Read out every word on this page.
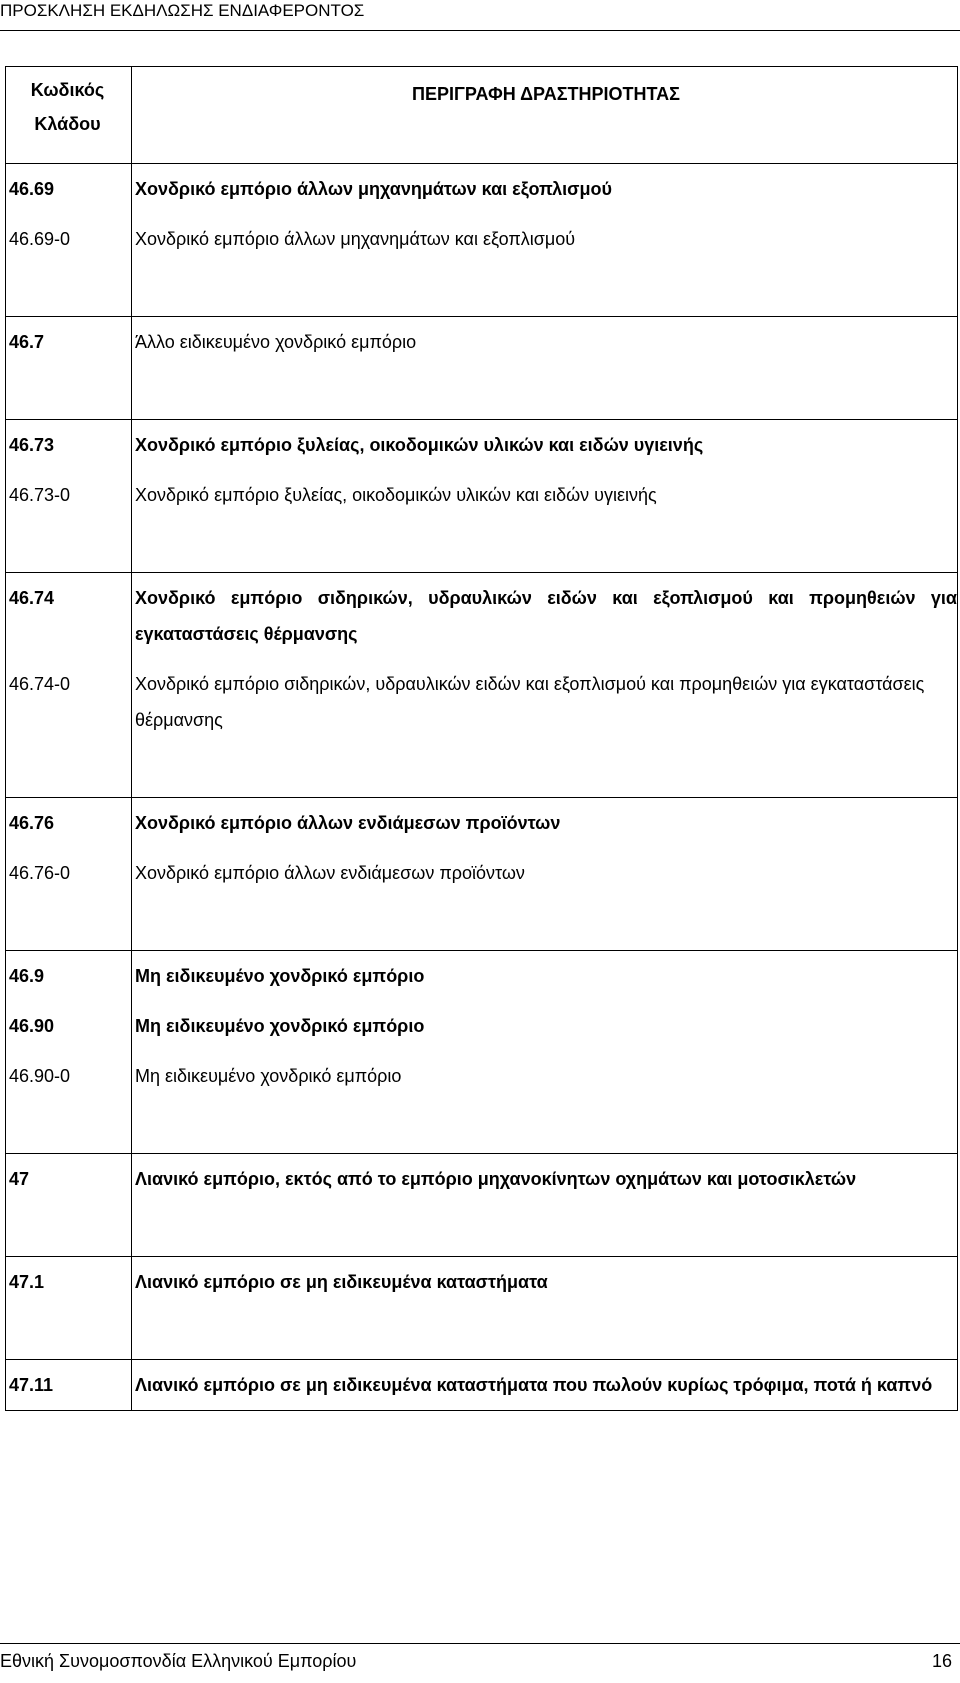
ΠΡΟΣΚΛΗΣΗ ΕΚΔΗΛΩΣΗΣ ΕΝΔΙΑΦΕΡΟΝΤΟΣ
Κωδικός
Κλάδου	ΠΕΡΙΓΡΑΦΗ ΔΡΑΣΤΗΡΙΟΤΗΤΑΣ
46.69	Χονδρικό εμπόριο άλλων μηχανημάτων και εξοπλισμού
46.69-0	Χονδρικό εμπόριο άλλων μηχανημάτων και εξοπλισμού

46.7	Άλλο ειδικευμένο χονδρικό εμπόριο

46.73	Χονδρικό εμπόριο ξυλείας, οικοδομικών υλικών και ειδών υγιεινής
46.73-0	Χονδρικό εμπόριο ξυλείας, οικοδομικών υλικών και ειδών υγιεινής

46.74	Χονδρικό εμπόριο σιδηρικών, υδραυλικών ειδών και εξοπλισμού και προμηθειών για εγκαταστάσεις θέρμανσης
46.74-0	Χονδρικό εμπόριο σιδηρικών, υδραυλικών ειδών και εξοπλισμού και προμηθειών για εγκαταστάσεις θέρμανσης

46.76	Χονδρικό εμπόριο άλλων ενδιάμεσων προϊόντων
46.76-0	Χονδρικό εμπόριο άλλων ενδιάμεσων προϊόντων

46.9	Μη ειδικευμένο χονδρικό εμπόριο
46.90	Μη ειδικευμένο χονδρικό εμπόριο
46.90-0	Μη ειδικευμένο χονδρικό εμπόριο

47	Λιανικό εμπόριο, εκτός από το εμπόριο μηχανοκίνητων οχημάτων και μοτοσικλετών

47.1	Λιανικό εμπόριο σε μη ειδικευμένα καταστήματα

47.11	Λιανικό εμπόριο σε μη ειδικευμένα καταστήματα που πωλούν κυρίως τρόφιμα, ποτά ή καπνό
Εθνική Συνομοσπονδία Ελληνικού Εμπορίου	16
